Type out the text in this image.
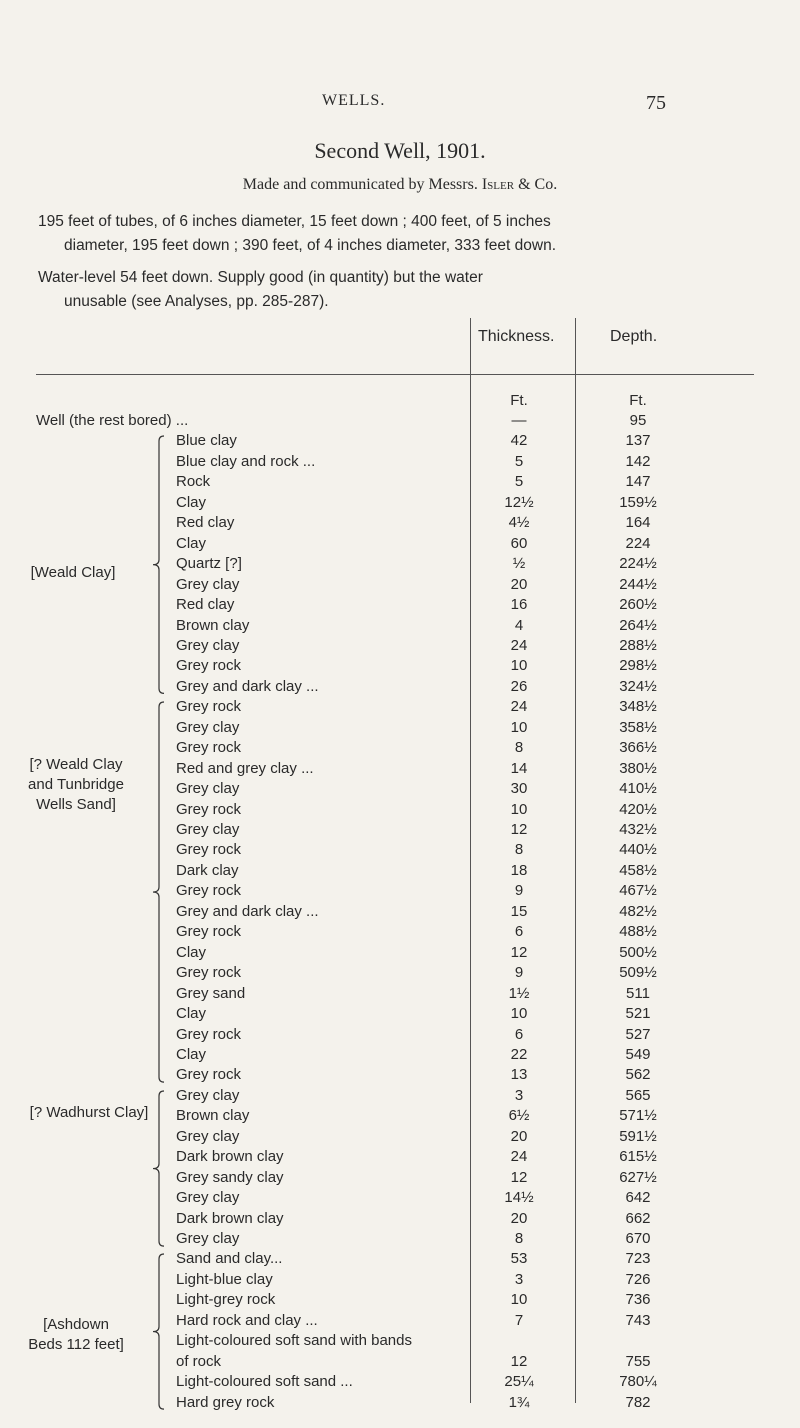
WELLS.	75
Second Well, 1901.
Made and communicated by Messrs. Isler & Co.
195 feet of tubes, of 6 inches diameter, 15 feet down ; 400 feet, of 5 inches
diameter, 195 feet down ; 390 feet, of 4 inches diameter, 333 feet down.
Water-level 54 feet down. Supply good (in quantity) but the water
unusable (see Analyses, pp. 285-287).
Thickness.	Depth.
Ft.	Ft.
Well (the rest bored) ...	—	95
Blue clay	42	137
Blue clay and rock ...	5	142
Rock	5	147
Clay	12½	159½
Red clay	4½	164
Clay	60	224
Quartz [?]	½	224½
Grey clay	20	244½
Red clay	16	260½
Brown clay	4	264½
Grey clay	24	288½
Grey rock	10	298½
Grey and dark clay ...	26	324½
Grey rock	24	348½
Grey clay	10	358½
Grey rock	8	366½
Red and grey clay ...	14	380½
Grey clay	30	410½
Grey rock	10	420½
Grey clay	12	432½
Grey rock	8	440½
Dark clay	18	458½
Grey rock	9	467½
Grey and dark clay ...	15	482½
Grey rock	6	488½
Clay	12	500½
Grey rock	9	509½
Grey sand	1½	511
Clay	10	521
Grey rock	6	527
Clay	22	549
Grey rock	13	562
Grey clay	3	565
Brown clay	6½	571½
Grey clay	20	591½
Dark brown clay	24	615½
Grey sandy clay	12	627½
Grey clay	14½	642
Dark brown clay	20	662
Grey clay	8	670
Sand and clay...	53	723
Light-blue clay	3	726
Light-grey rock	10	736
Hard rock and clay ...	7	743
Light-coloured soft sand with bands
of rock	12	755
Light-coloured soft sand ...	25¼	780¼
Hard grey rock	1¾	782
[Weald Clay]
[? Weald Clay and Tunbridge Wells Sand]
[? Wadhurst Clay]
[Ashdown Beds 112 feet]
